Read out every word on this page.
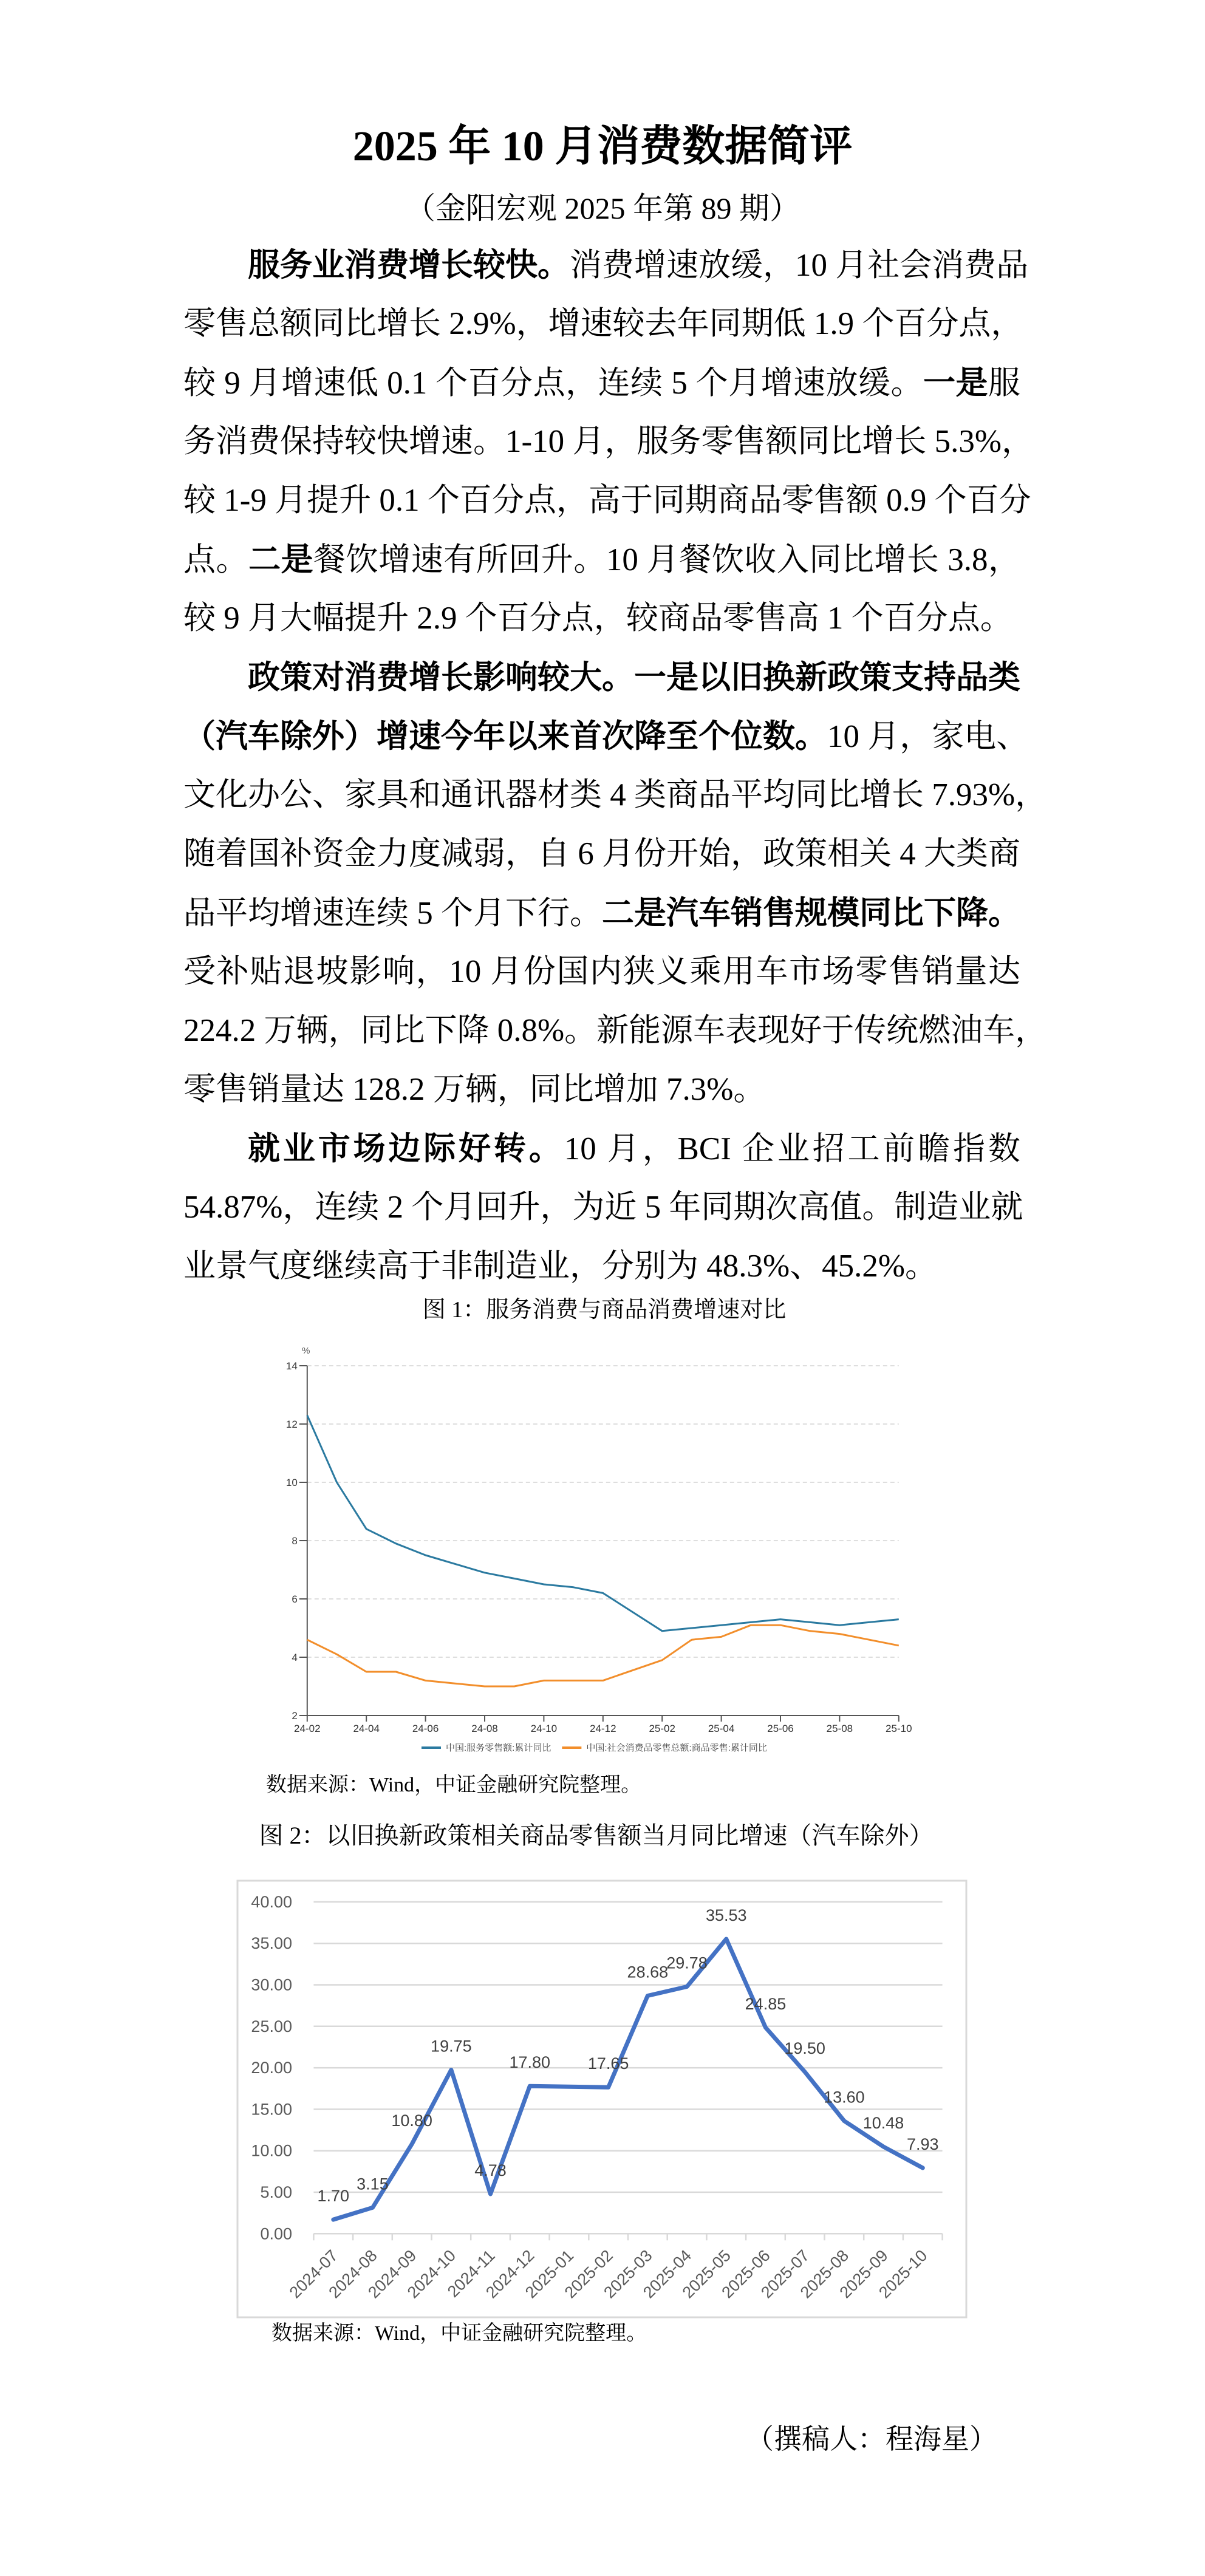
2025 年 10 月消费数据简评
（金阳宏观 2025 年第 89 期）
服务业消费增长较快。消费增速放缓，10 月社会消费品
零售总额同比增长 2.9%，增速较去年同期低 1.9 个百分点，
较 9 月增速低 0.1 个百分点，连续 5 个月增速放缓。一是服
务消费保持较快增速。1-10 月，服务零售额同比增长 5.3%，
较 1-9 月提升 0.1 个百分点，高于同期商品零售额 0.9 个百分
点。二是餐饮增速有所回升。10 月餐饮收入同比增长 3.8，
较 9 月大幅提升 2.9 个百分点，较商品零售高 1 个百分点。
政策对消费增长影响较大。一是以旧换新政策支持品类
（汽车除外）增速今年以来首次降至个位数。10 月，家电、
文化办公、家具和通讯器材类 4 类商品平均同比增长 7.93%，
随着国补资金力度减弱，自 6 月份开始，政策相关 4 大类商
品平均增速连续 5 个月下行。二是汽车销售规模同比下降。
受补贴退坡影响，10 月份国内狭义乘用车市场零售销量达
224.2 万辆，同比下降 0.8%。新能源车表现好于传统燃油车，
零售销量达 128.2 万辆，同比增加 7.3%。
就业市场边际好转。10 月，BCI 企业招工前瞻指数
54.87%，连续 2 个月回升，为近 5 年同期次高值。制造业就
业景气度继续高于非制造业，分别为 48.3%、45.2%。
图 1：服务消费与商品消费增速对比
2
4
6
8
10
12
14
%
24-02	24-04	24-06	24-08	24-10	24-12	25-02	25-04	25-06	25-08	25-10
中国:服务零售额:累计同比	中国:社会消费品零售总额:商品零售:累计同比
数据来源：Wind，中证金融研究院整理。
图 2：以旧换新政策相关商品零售额当月同比增速（汽车除外）
0.00
5.00
10.00
15.00
20.00
25.00
30.00
35.00
40.00
1.70
3.15
10.80
19.75
4.78
17.80 17.65
28.68
29.78
35.53
24.85
19.50
13.60
10.48
7.93
2024-07
2024-08
2024-09
2024-10
2024-11
2024-12
2025-01
2025-02
2025-03
2025-04
2025-05
2025-06
2025-07
2025-08
2025-09
2025-10
数据来源：Wind，中证金融研究院整理。
（撰稿人：程海星）
